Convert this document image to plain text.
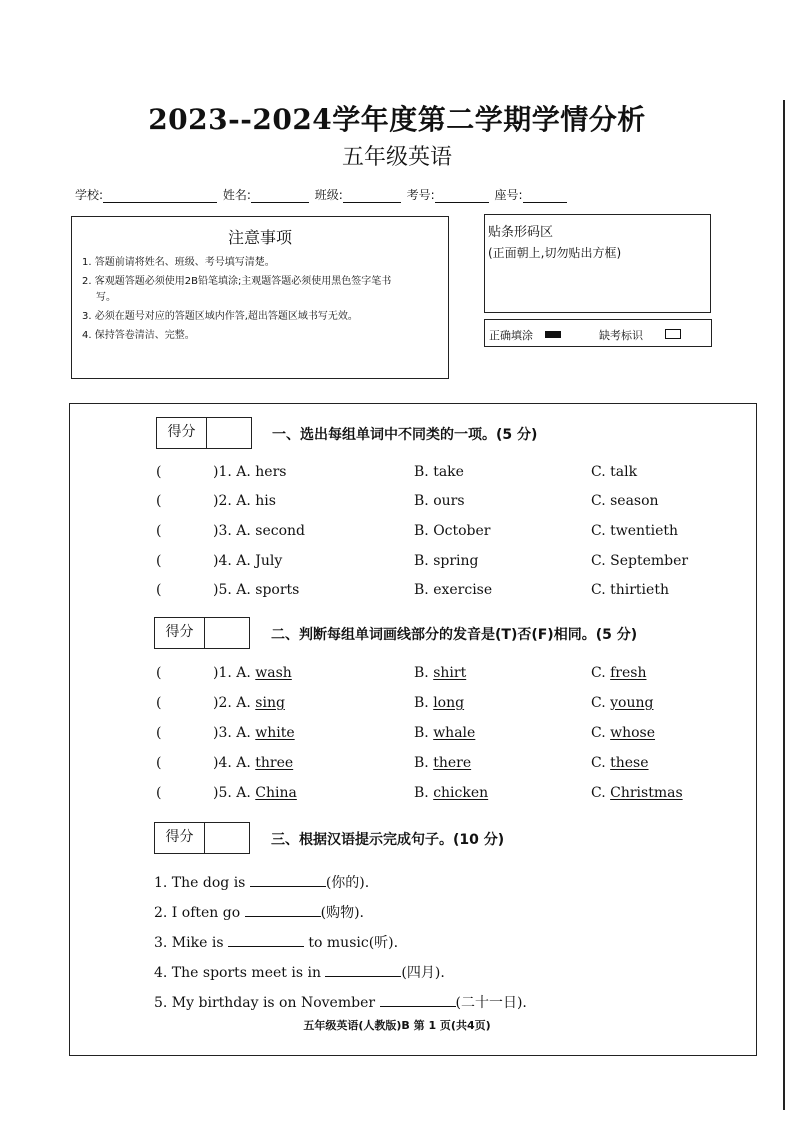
2023--2024学年度第二学期学情分析
五年级英语
学校:	姓名:	班级:	考号:	座号:
注意事项
1. 答题前请将姓名、班级、考号填写清楚。
2. 客观题答题必须使用2B铅笔填涂;主观题答题必须使用黑色签字笔书
写。
3. 必须在题号对应的答题区域内作答,超出答题区域书写无效。
4. 保持答卷清洁、完整。
贴条形码区
(正面朝上,切勿贴出方框)
正确填涂	缺考标识
得分	一、选出每组单词中不同类的一项。(5 分)
(	)1. A. hers	B. take	C. talk
(	)2. A. his	B. ours	C. season
(	)3. A. second	B. October	C. twentieth
(	)4. A. July	B. spring	C. September
(	)5. A. sports	B. exercise	C. thirtieth
得分	二、判断每组单词画线部分的发音是(T)否(F)相同。(5 分)
(	)1. A. wash	B. shirt	C. fresh
(	)2. A. sing	B. long	C. young
(	)3. A. white	B. whale	C. whose
(	)4. A. three	B. there	C. these
(	)5. A. China	B. chicken	C. Christmas
得分	三、根据汉语提示完成句子。(10 分)
1. The dog is	(你的).
2. I often go	(购物).
3. Mike is	to music(听).
4. The sports meet is in	(四月).
5. My birthday is on November	(二十一日).
五年级英语(人教版)B 第 1 页(共4页)
